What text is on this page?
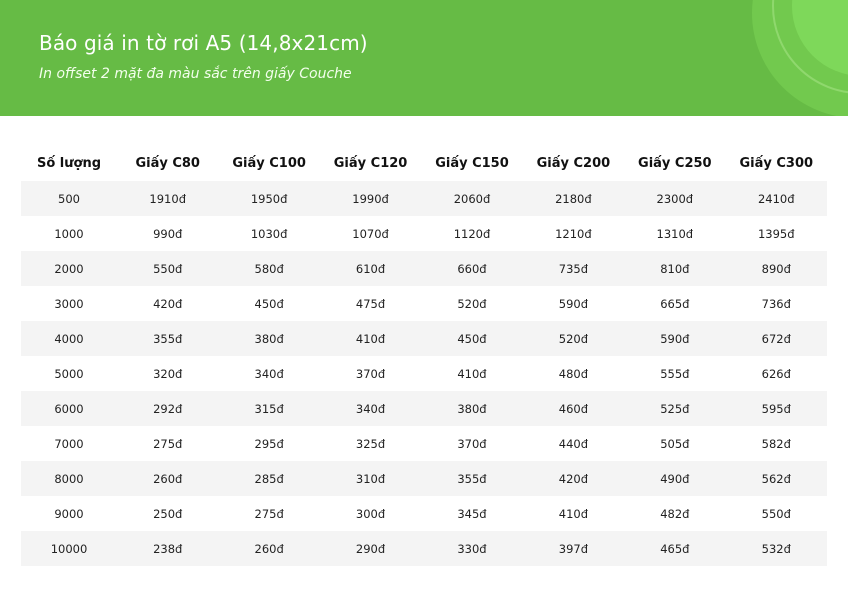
Báo giá in tờ rơi A5 (14,8x21cm)
In offset 2 mặt đa màu sắc trên giấy Couche
Số lượng	Giấy C80	Giấy C100	Giấy C120	Giấy C150	Giấy C200	Giấy C250	Giấy C300
500	1910đ	1950đ	1990đ	2060đ	2180đ	2300đ	2410đ
1000	990đ	1030đ	1070đ	1120đ	1210đ	1310đ	1395đ
2000	550đ	580đ	610đ	660đ	735đ	810đ	890đ
3000	420đ	450đ	475đ	520đ	590đ	665đ	736đ
4000	355đ	380đ	410đ	450đ	520đ	590đ	672đ
5000	320đ	340đ	370đ	410đ	480đ	555đ	626đ
6000	292đ	315đ	340đ	380đ	460đ	525đ	595đ
7000	275đ	295đ	325đ	370đ	440đ	505đ	582đ
8000	260đ	285đ	310đ	355đ	420đ	490đ	562đ
9000	250đ	275đ	300đ	345đ	410đ	482đ	550đ
10000	238đ	260đ	290đ	330đ	397đ	465đ	532đ
